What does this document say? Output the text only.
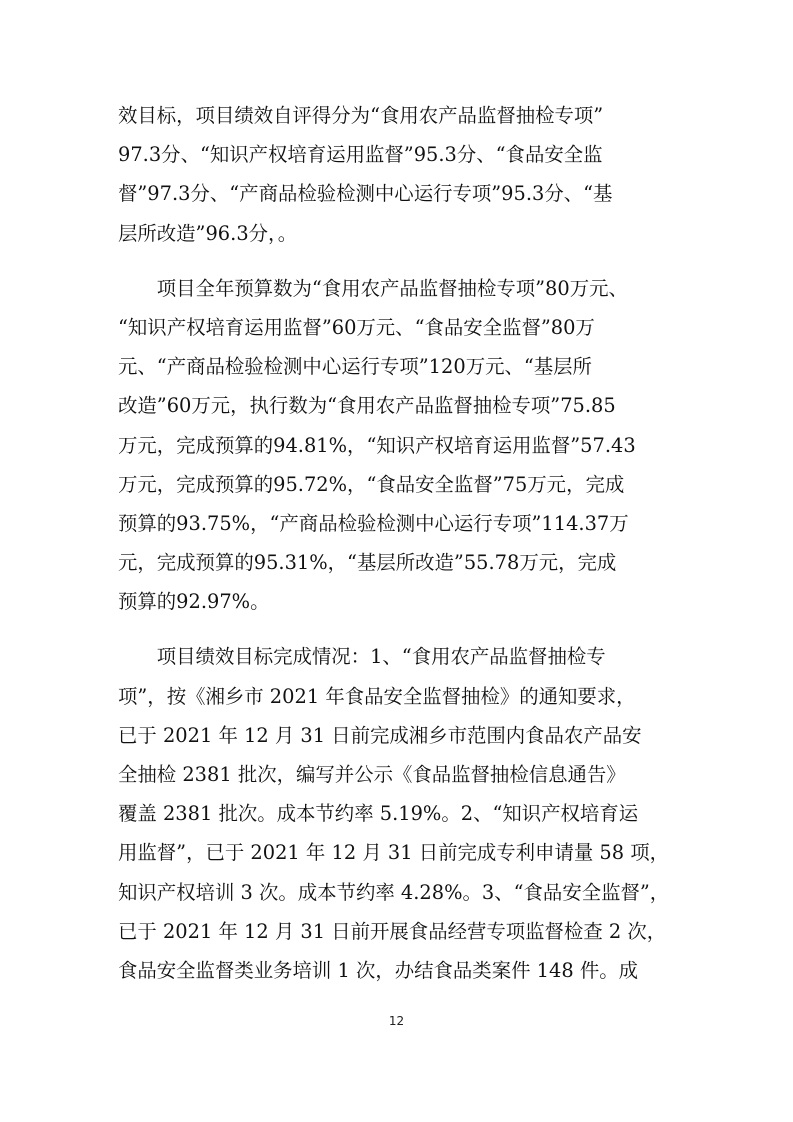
效目标，项目绩效自评得分为“食用农产品监督抽检专项”
97.3分、“知识产权培育运用监督”95.3分、“食品安全监
督”97.3分、“产商品检验检测中心运行专项”95.3分、“基
层所改造”96.3分，。
　　项目全年预算数为“食用农产品监督抽检专项”80万元、
“知识产权培育运用监督”60万元、“食品安全监督”80万
元、“产商品检验检测中心运行专项”120万元、“基层所
改造”60万元，执行数为“食用农产品监督抽检专项”75.85
万元，完成预算的94.81%，“知识产权培育运用监督”57.43
万元，完成预算的95.72%，“食品安全监督”75万元，完成
预算的93.75%，“产商品检验检测中心运行专项”114.37万
元，完成预算的95.31%，“基层所改造”55.78万元，完成
预算的92.97%。
　　项目绩效目标完成情况：1、“食用农产品监督抽检专
项”，按《湘乡市 2021 年食品安全监督抽检》的通知要求，
已于 2021 年 12 月 31 日前完成湘乡市范围内食品农产品安
全抽检 2381 批次，编写并公示《食品监督抽检信息通告》
覆盖 2381 批次。成本节约率 5.19%。2、“知识产权培育运
用监督”，已于 2021 年 12 月 31 日前完成专利申请量 58 项，
知识产权培训 3 次。成本节约率 4.28%。3、“食品安全监督”，
已于 2021 年 12 月 31 日前开展食品经营专项监督检查 2 次，
食品安全监督类业务培训 1 次，办结食品类案件 148 件。成
12
